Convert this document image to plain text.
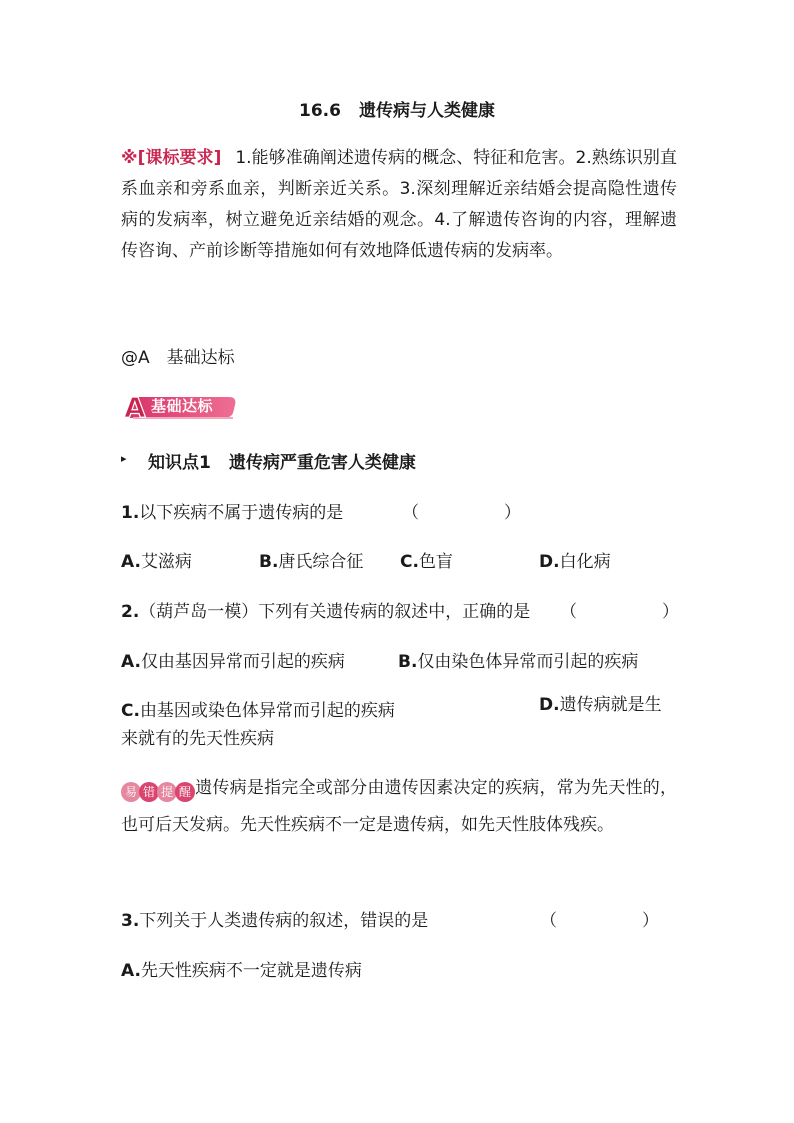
16.6 遗传病与人类健康
※[课标要求] 1.能够准确阐述遗传病的概念、特征和危害。2.熟练识别直系血亲和旁系血亲，判断亲近关系。3.深刻理解近亲结婚会提高隐性遗传病的发病率，树立避免近亲结婚的观念。4.了解遗传咨询的内容，理解遗传咨询、产前诊断等措施如何有效地降低遗传病的发病率。
@A　基础达标
A 基础达标
▸ 知识点1 遗传病严重危害人类健康
1.以下疾病不属于遗传病的是	（　　　　　）
A.艾滋病	B.唐氏综合征 C.色盲	D.白化病
2.（葫芦岛一模）下列有关遗传病的叙述中，正确的是 （　　　　　）
A.仅由基因异常而引起的疾病	B.仅由染色体异常而引起的疾病
C.由基因或染色体异常而引起的疾病	D.遗传病就是生来就有的先天性疾病
易 错 提 醒 遗传病是指完全或部分由遗传因素决定的疾病，常为先天性的，也可后天发病。先天性疾病不一定是遗传病，如先天性肢体残疾。
3.下列关于人类遗传病的叙述，错误的是	（　　　　　）
A.先天性疾病不一定就是遗传病
